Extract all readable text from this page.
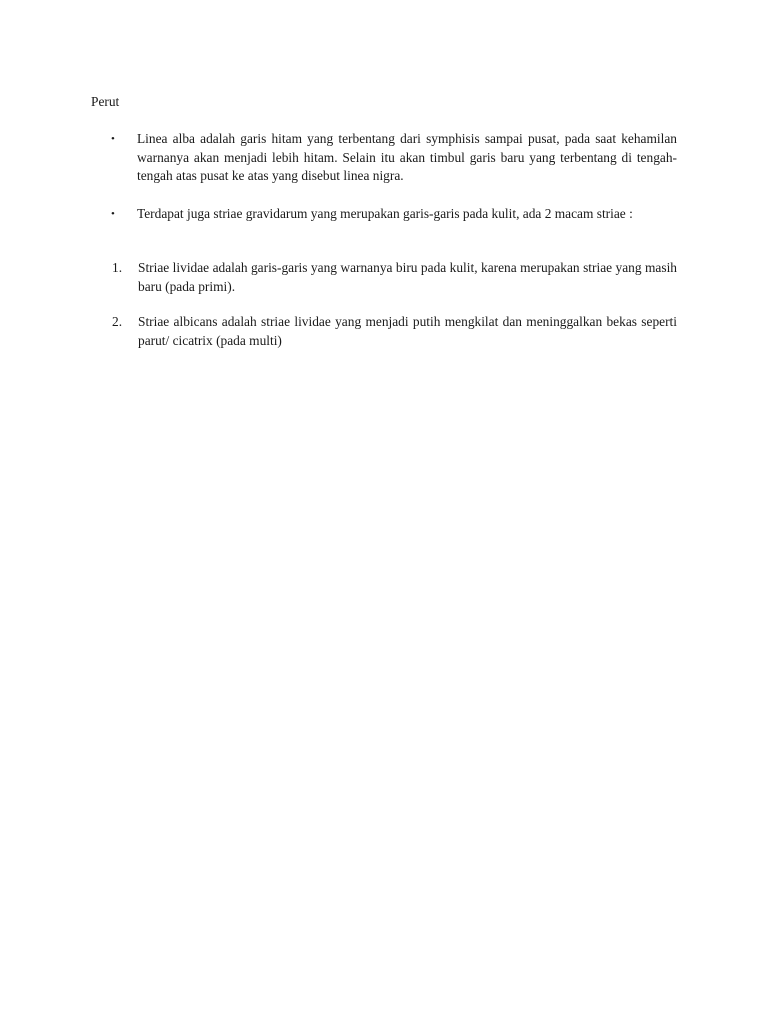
Perut
•	Linea alba adalah garis hitam yang terbentang dari symphisis sampai pusat, pada saat kehamilan warnanya akan menjadi lebih hitam. Selain itu akan timbul garis baru yang terbentang di tengah-tengah atas pusat ke atas yang disebut linea nigra.

•	Terdapat juga striae gravidarum yang merupakan garis-garis pada kulit, ada 2 macam striae :

1.	Striae lividae adalah garis-garis yang warnanya biru pada kulit, karena merupakan striae yang masih baru (pada primi).

2.	Striae albicans adalah striae lividae yang menjadi putih mengkilat dan meninggalkan bekas seperti parut/ cicatrix (pada multi)
